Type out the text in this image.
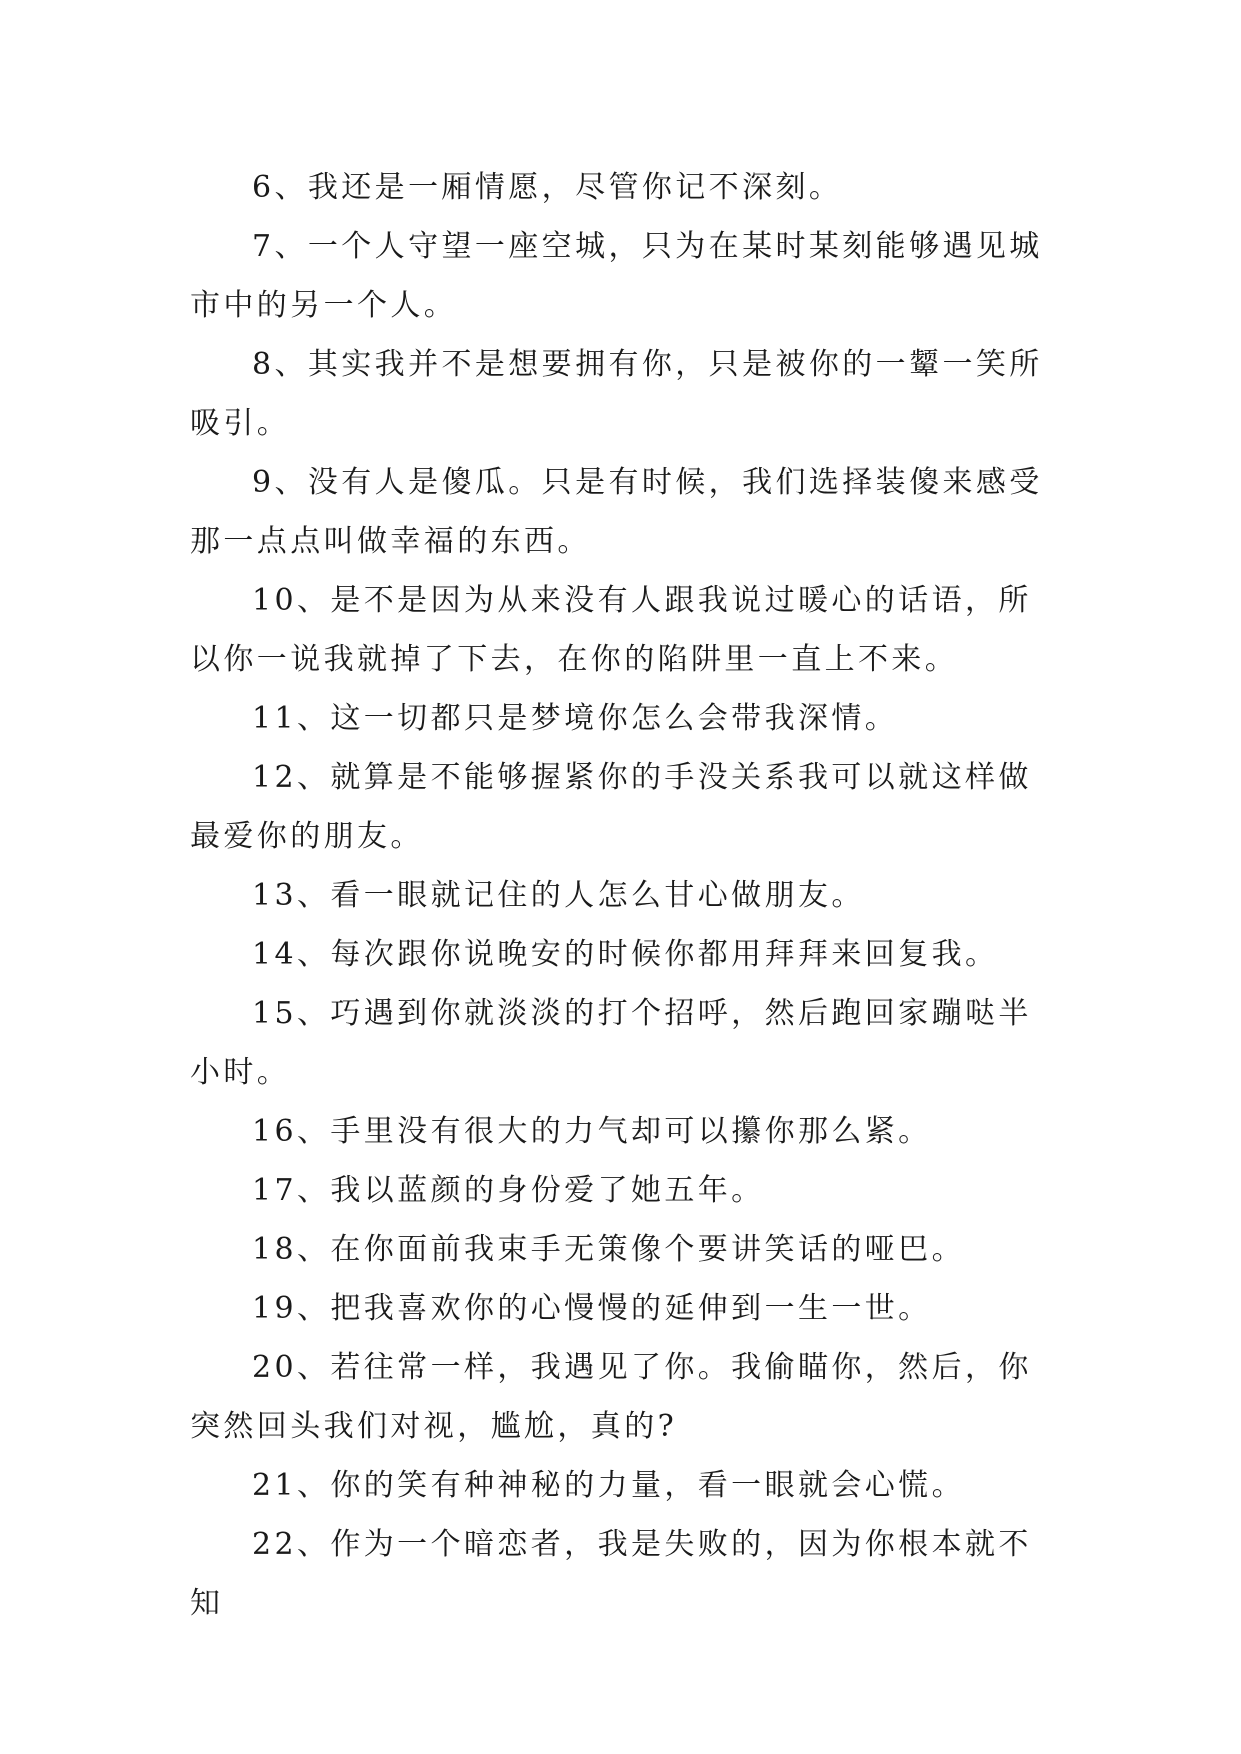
6、我还是一厢情愿，尽管你记不深刻。

7、一个人守望一座空城，只为在某时某刻能够遇见城市中的另一个人。

8、其实我并不是想要拥有你，只是被你的一颦一笑所吸引。

9、没有人是傻瓜。只是有时候，我们选择装傻来感受那一点点叫做幸福的东西。

10、是不是因为从来没有人跟我说过暖心的话语，所以你一说我就掉了下去，在你的陷阱里一直上不来。

11、这一切都只是梦境你怎么会带我深情。

12、就算是不能够握紧你的手没关系我可以就这样做最爱你的朋友。

13、看一眼就记住的人怎么甘心做朋友。

14、每次跟你说晚安的时候你都用拜拜来回复我。

15、巧遇到你就淡淡的打个招呼，然后跑回家蹦哒半小时。

16、手里没有很大的力气却可以攥你那么紧。

17、我以蓝颜的身份爱了她五年。

18、在你面前我束手无策像个要讲笑话的哑巴。

19、把我喜欢你的心慢慢的延伸到一生一世。

20、若往常一样，我遇见了你。我偷瞄你，然后，你突然回头我们对视，尴尬，真的?

21、你的笑有种神秘的力量，看一眼就会心慌。

22、作为一个暗恋者，我是失败的，因为你根本就不知
